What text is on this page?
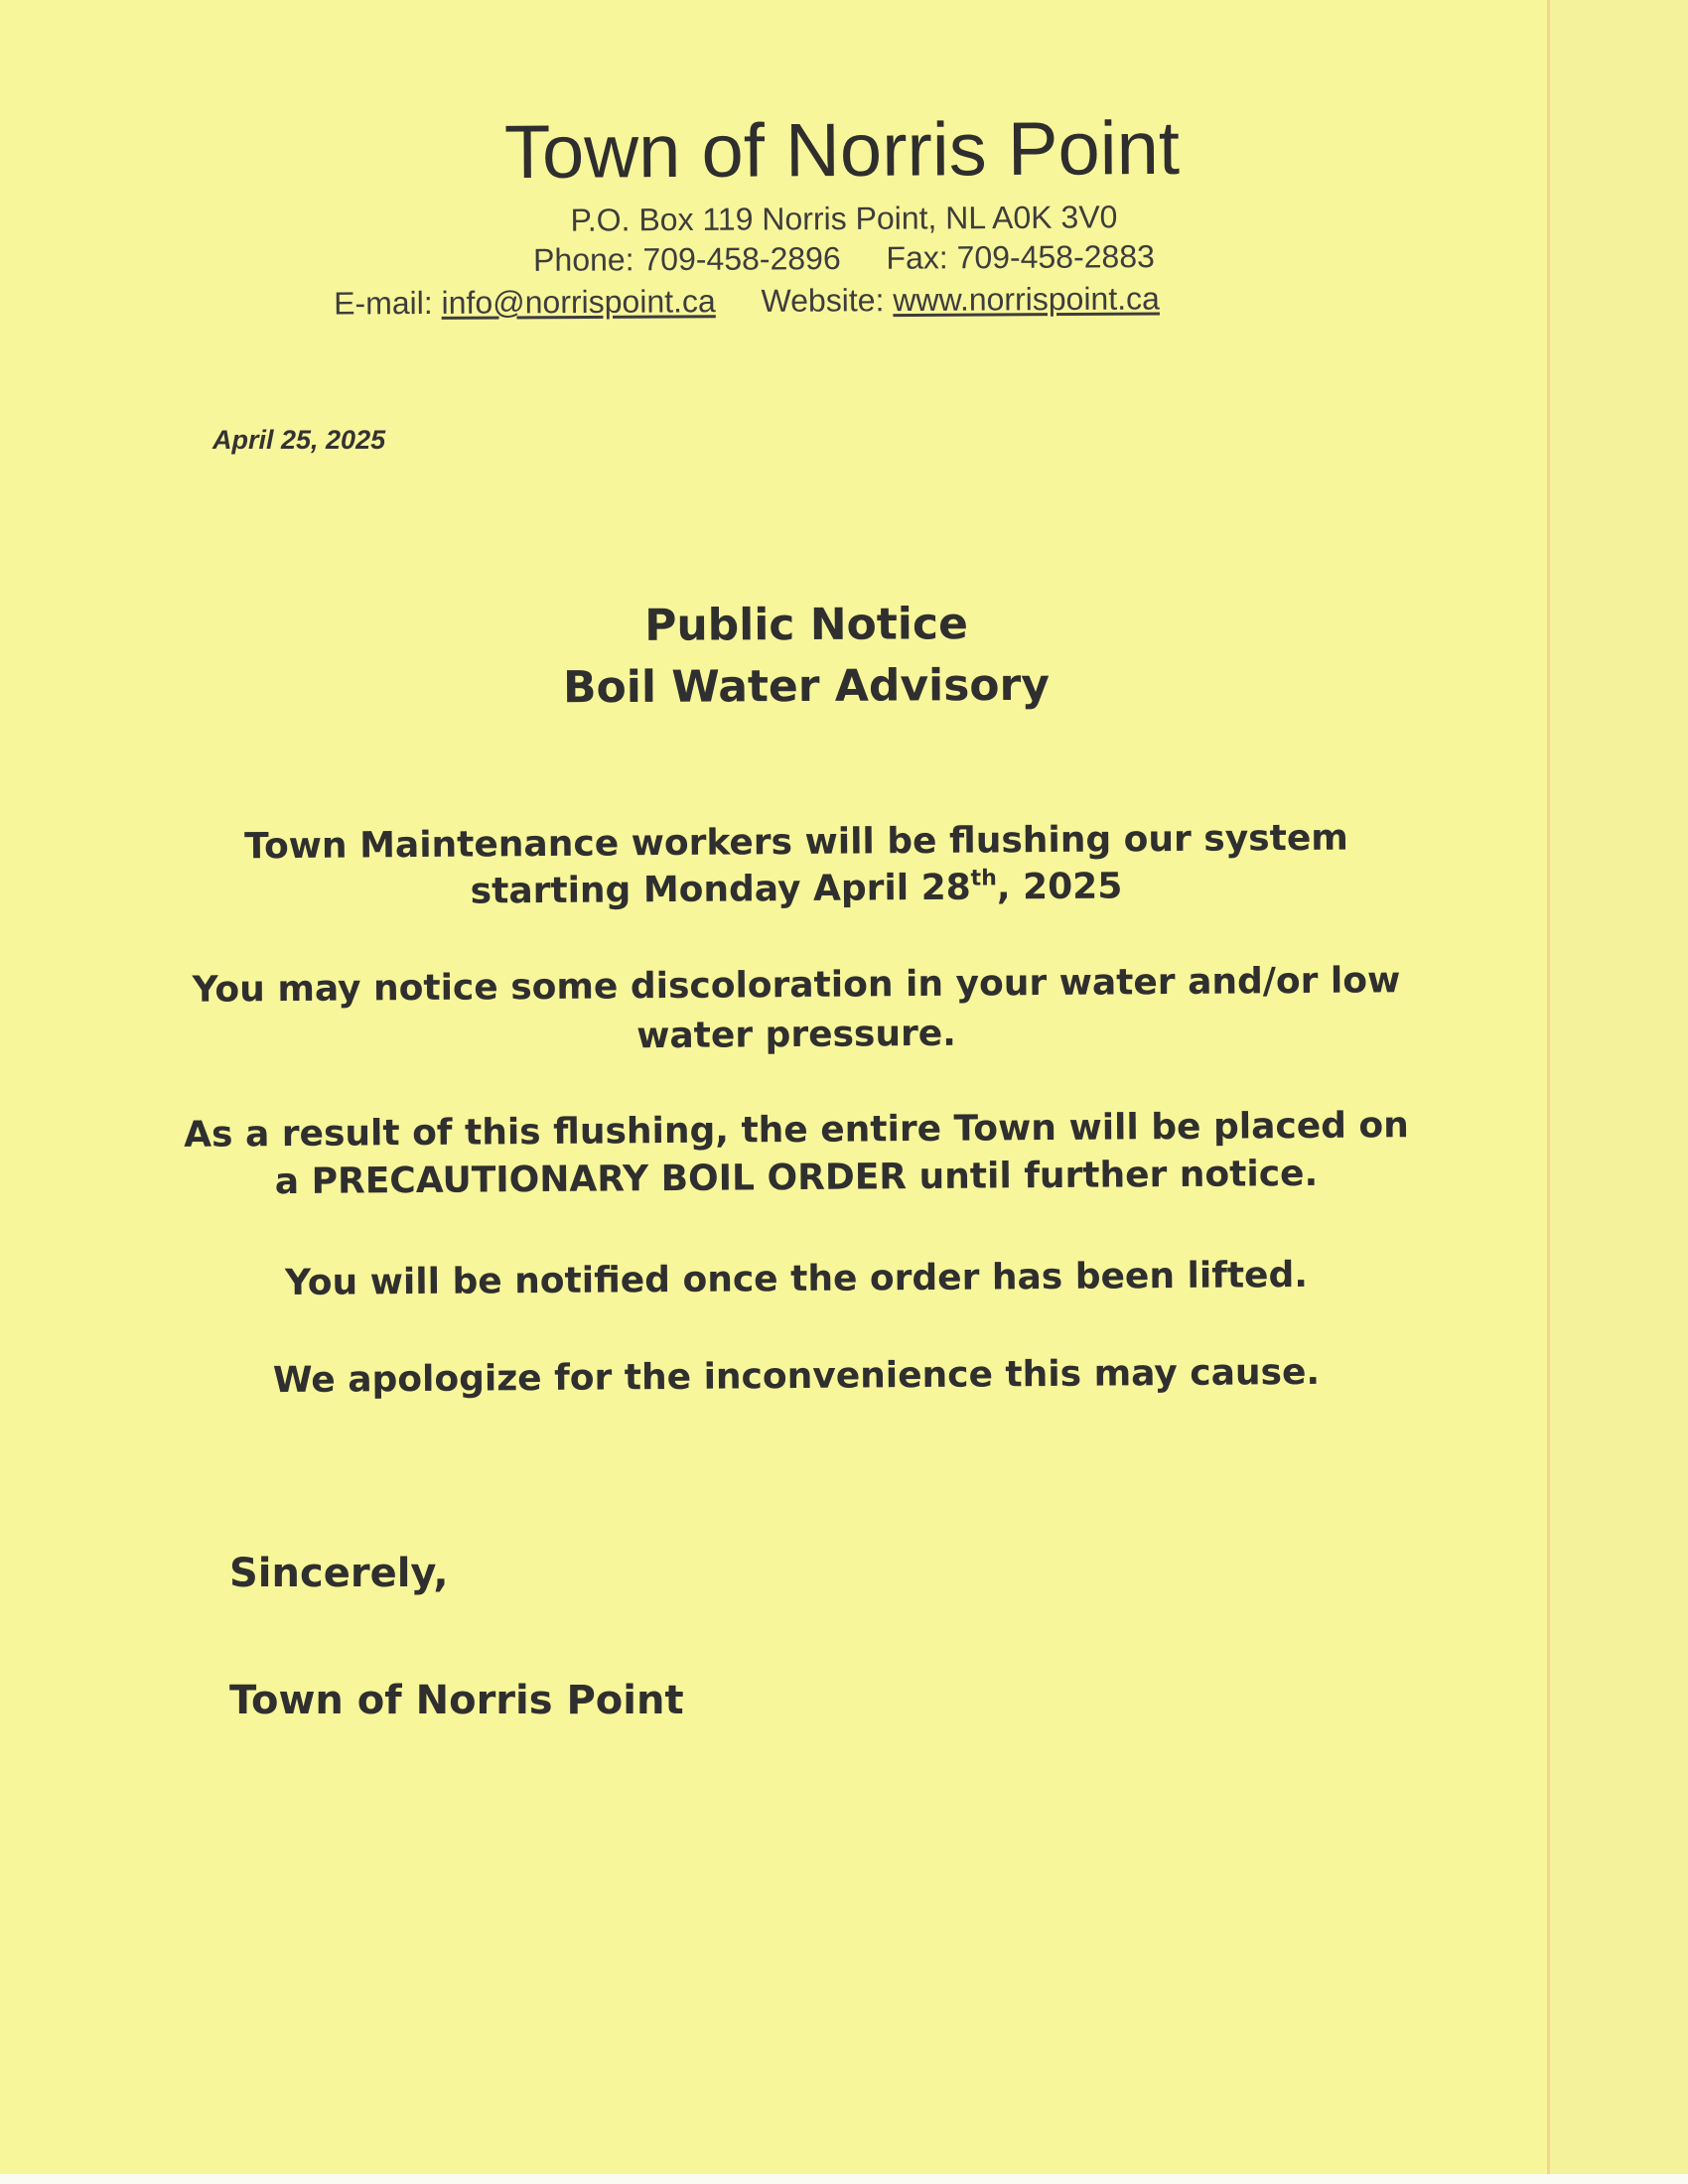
Town of Norris Point
P.O. Box 119 Norris Point, NL A0K 3V0
Phone: 709-458-2896 Fax: 709-458-2883
E-mail: info@norrispoint.ca Website: www.norrispoint.ca
April 25, 2025
Public Notice
Boil Water Advisory
Town Maintenance workers will be flushing our system
starting Monday April 28th, 2025
You may notice some discoloration in your water and/or low
water pressure.
As a result of this flushing, the entire Town will be placed on
a PRECAUTIONARY BOIL ORDER until further notice.
You will be notified once the order has been lifted.
We apologize for the inconvenience this may cause.
Sincerely,
Town of Norris Point
